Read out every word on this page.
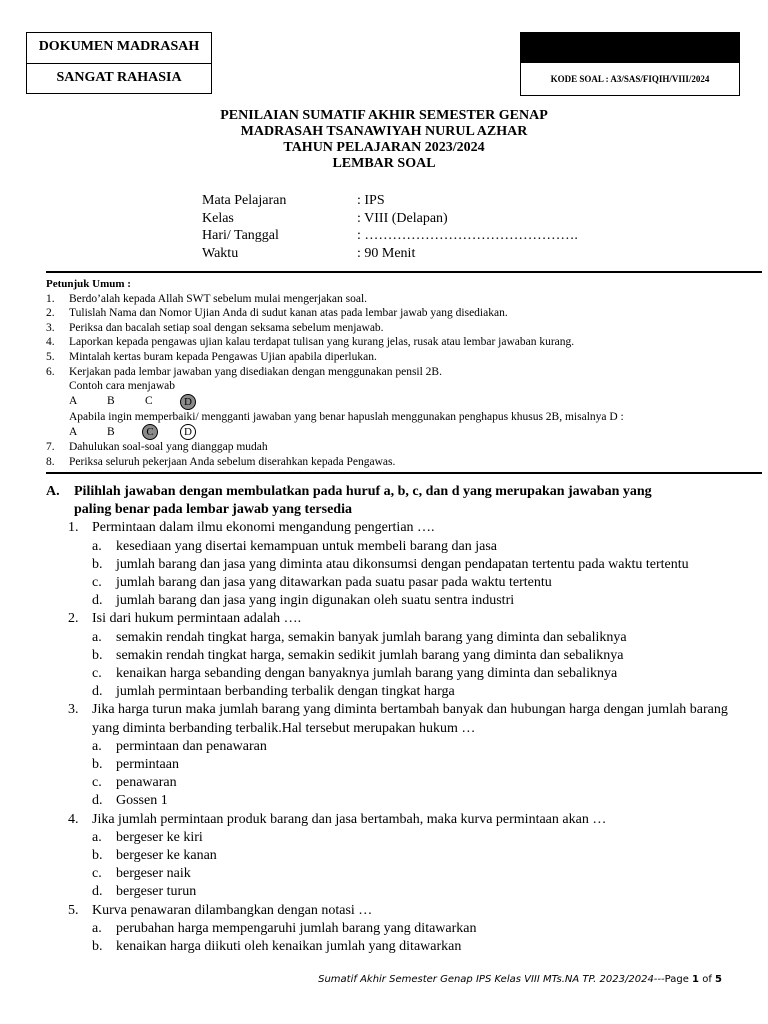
DOKUMEN MADRASAH
SANGAT RAHASIA	KODE SOAL : A3/SAS/FIQIH/VIII/2024
PENILAIAN SUMATIF AKHIR SEMESTER GENAP
MADRASAH TSANAWIYAH NURUL AZHAR
TAHUN PELAJARAN 2023/2024
LEMBAR SOAL
Mata Pelajaran	: IPS
Kelas	: VIII (Delapan)
Hari/ Tanggal	: ……………………………………….
Waktu	: 90 Menit
Petunjuk Umum :
1.	Berdo’alah kepada Allah SWT sebelum mulai mengerjakan soal.
2.	Tulislah Nama dan Nomor Ujian Anda di sudut kanan atas pada lembar jawab yang disediakan.
3.	Periksa dan bacalah setiap soal dengan seksama sebelum menjawab.
4.	Laporkan kepada pengawas ujian kalau terdapat tulisan yang kurang jelas, rusak atau lembar jawaban kurang.
5.	Mintalah kertas buram kepada Pengawas Ujian apabila diperlukan.
6.	Kerjakan pada lembar jawaban yang disediakan dengan menggunakan pensil 2B.
Contoh cara menjawab
A	B	C	D
Apabila ingin memperbaiki/ mengganti jawaban yang benar hapuslah menggunakan penghapus khusus 2B, misalnya D :
A	B	C	D
7.	Dahulukan soal-soal yang dianggap mudah
8.	Periksa seluruh pekerjaan Anda sebelum diserahkan kepada Pengawas.
A.	Pilihlah jawaban dengan membulatkan pada huruf a, b, c, dan d yang merupakan jawaban yang
paling benar pada lembar jawab yang tersedia
1. Permintaan dalam ilmu ekonomi mengandung pengertian ….
a.	kesediaan yang disertai kemampuan untuk membeli barang dan jasa
b. jumlah barang dan jasa yang diminta atau dikonsumsi dengan pendapatan tertentu pada waktu tertentu
c.	jumlah barang dan jasa yang ditawarkan pada suatu pasar pada waktu tertentu
d. jumlah barang dan jasa yang ingin digunakan oleh suatu sentra industri
2. Isi dari hukum permintaan adalah ….
a.	semakin rendah tingkat harga, semakin banyak jumlah barang yang diminta dan sebaliknya
b. semakin rendah tingkat harga, semakin sedikit jumlah barang yang diminta dan sebaliknya
c.	kenaikan harga sebanding dengan banyaknya jumlah barang yang diminta dan sebaliknya
d. jumlah permintaan berbanding terbalik dengan tingkat harga
3. Jika harga turun maka jumlah barang yang diminta bertambah banyak dan hubungan harga dengan jumlah barang yang diminta berbanding terbalik.Hal tersebut merupakan hukum …
a.	permintaan dan penawaran
b. permintaan
c.	penawaran
d. Gossen 1
4. Jika jumlah permintaan produk barang dan jasa bertambah, maka kurva permintaan akan …
a.	bergeser ke kiri
b. bergeser ke kanan
c.	bergeser naik
d. bergeser turun
5. Kurva penawaran dilambangkan dengan notasi …
a.	perubahan harga mempengaruhi jumlah barang yang ditawarkan
b. kenaikan harga diikuti oleh kenaikan jumlah yang ditawarkan
Sumatif Akhir Semester Genap IPS Kelas VIII MTs.NA TP. 2023/2024---Page 1 of 5
